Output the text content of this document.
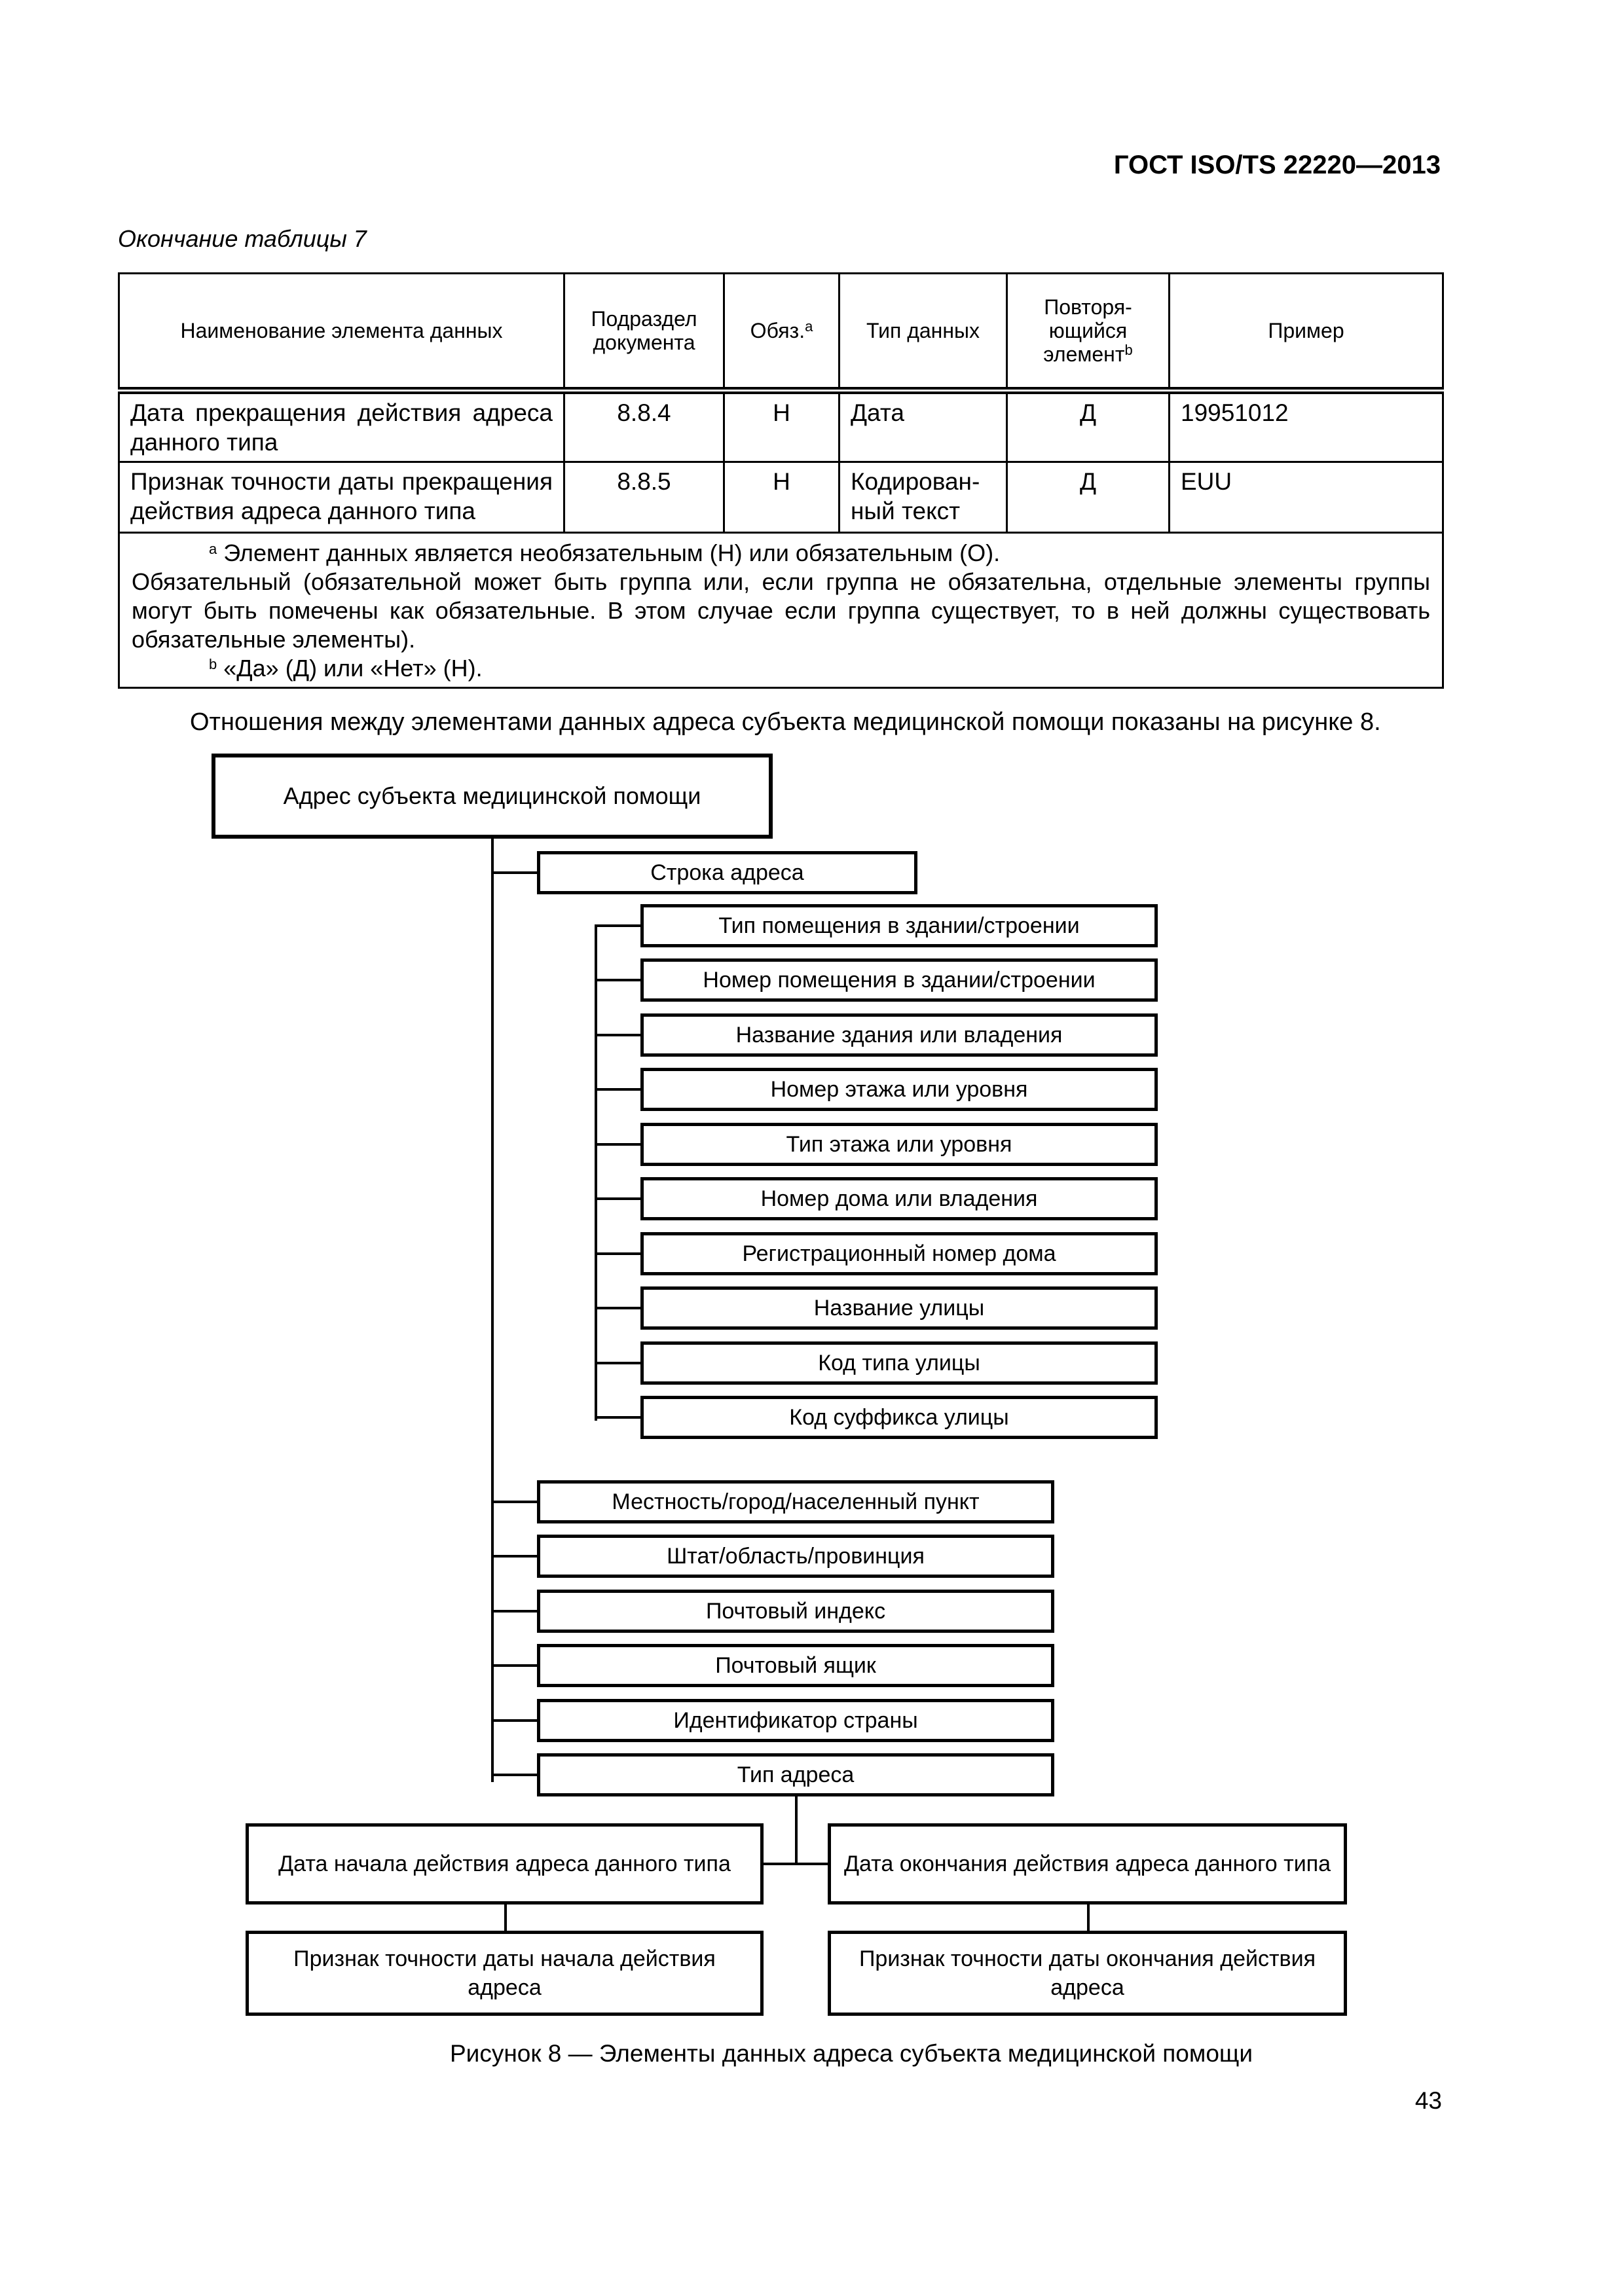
ГОСТ ISO/TS 22220—2013
Окончание таблицы 7
Наименование элемента данных	Подраздел документа	Обяз.$^a$	Тип данных	Повторя-ющийся элемент$^b$	Пример
Дата прекращения действия адреса данного типа	8.8.4	Н	Дата	Д	19951012
Признак точности даты прекращения действия адреса данного типа	8.8.5	Н	Кодирован-ный текст	Д	EUU

$^a$ Элемент данных является необязательным (Н) или обязательным (О).
Обязательный (обязательной может быть группа или, если группа не обязательна, отдельные элементы группы могут быть помечены как обязательные. В этом случае если группа существует, то в ней должны существовать обязательные элементы).
$^b$ «Да» (Д) или «Нет» (Н).					
Отношения между элементами данных адреса субъекта медицинской помощи показаны на рисунке 8.
Адрес субъекта медицинской помощи
Строка адреса
Тип помещения в здании/строении
Номер помещения в здании/строении
Название здания или владения
Номер этажа или уровня
Тип этажа или уровня
Номер дома или владения
Регистрационный номер дома
Название улицы
Код типа улицы
Код суффикса улицы
Местность/город/населенный пункт
Штат/область/провинция
Почтовый индекс
Почтовый ящик
Идентификатор страны
Тип адреса
Дата начала действия адреса данного типа	Дата окончания действия адреса данного типа
Признак точности даты начала действия адреса
Признак точности даты окончания действия адреса
Рисунок 8 — Элементы данных адреса субъекта медицинской помощи
43
